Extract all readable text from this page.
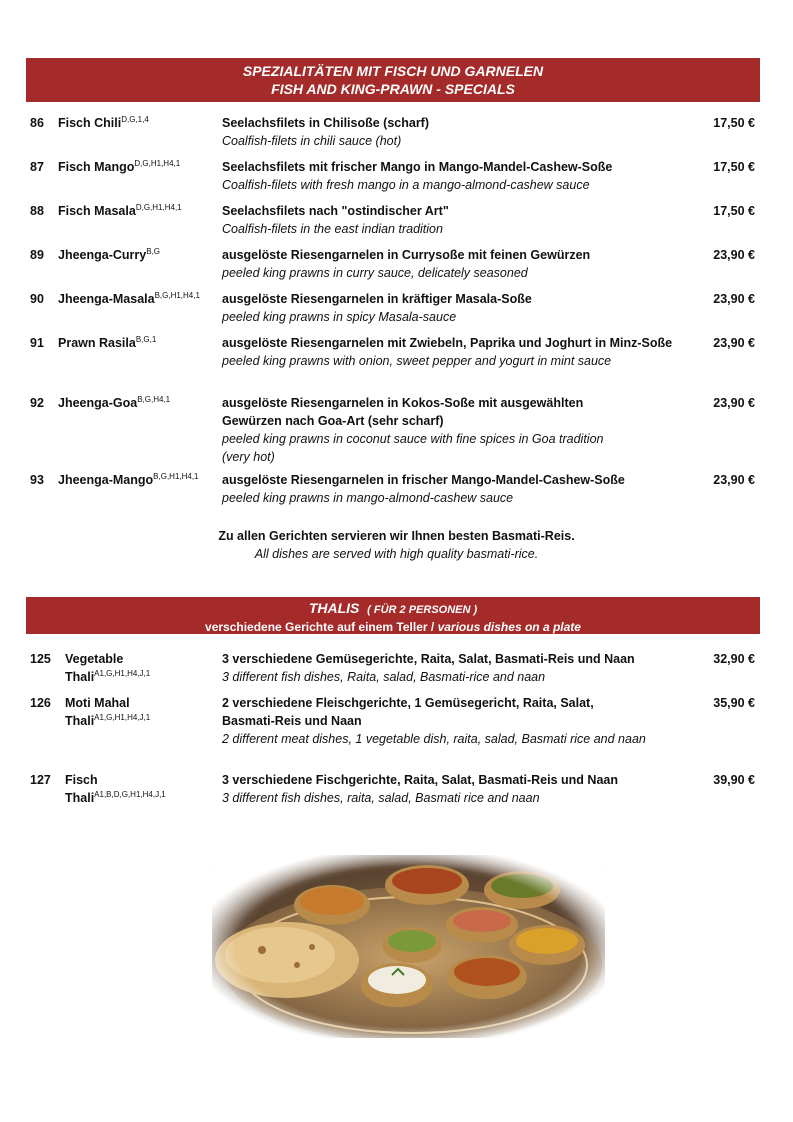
SPEZIALITÄTEN MIT FISCH UND GARNELEN
FISH AND KING-PRAWN - SPECIALS
86 Fisch Chili$^{D,G,1,4}$	Seelachsfilets in Chilisoße (scharf)
Coalfish-filets in chili sauce (hot)
17,50 €
87 Fisch Mango$^{D,G,H1,H4,1}$	Seelachsfilets mit frischer Mango in Mango-Mandel-Cashew-Soße
Coalfish-filets with fresh mango in a mango-almond-cashew sauce
17,50 €
88 Fisch Masala$^{D,G,H1,H4,1}$	Seelachsfilets nach "ostindischer Art"
Coalfish-filets in the east indian tradition
17,50 €
89 Jheenga-Curry$^{B,G}$	ausgelöste Riesengarnelen in Currysoße mit feinen Gewürzen
peeled king prawns in curry sauce, delicately seasoned
23,90 €
90 Jheenga-Masala$^{B,G,H1,H4,1}$ ausgelöste Riesengarnelen in kräftiger Masala-Soße
peeled king prawns in spicy Masala-sauce
23,90 €
91 Prawn Rasila$^{B,G,1}$	ausgelöste Riesengarnelen mit Zwiebeln, Paprika und Joghurt in Minz-Soße
peeled king prawns with onion, sweet pepper and yogurt in mint sauce
23,90 €
92 Jheenga-Goa$^{B,G,H4,1}$	ausgelöste Riesengarnelen in Kokos-Soße mit ausgewählten Gewürzen nach Goa-Art (sehr scharf)
peeled king prawns in coconut sauce with fine spices in Goa tradition (very hot)
23,90 €
93 Jheenga-Mango$^{B,G,H1,H4,1}$ ausgelöste Riesengarnelen in frischer Mango-Mandel-Cashew-Soße
peeled king prawns in mango-almond-cashew sauce
23,90 €
Zu allen Gerichten servieren wir Ihnen besten Basmati-Reis.
All dishes are served with high quality basmati-rice.
THALIS ( FÜR 2 PERSONEN )
verschiedene Gerichte auf einem Teller / various dishes on a plate
125 Vegetable
Thali$^{A1,G,H1,H4,J,1}$
3 verschiedene Gemüsegerichte, Raita, Salat, Basmati-Reis und Naan
3 different fish dishes, Raita, salad, Basmati-rice and naan
32,90 €
126 Moti Mahal
Thali$^{A1,G,H1,H4,J,1}$
2 verschiedene Fleischgerichte, 1 Gemüsegericht, Raita, Salat, Basmati-Reis und Naan
2 different meat dishes, 1 vegetable dish, raita, salad, Basmati rice and naan
35,90 €
127 Fisch
Thali$^{A1,B,D,G,H1,H4,J,1}$
3 verschiedene Fischgerichte, Raita, Salat, Basmati-Reis und Naan
3 different fish dishes, raita, salad, Basmati rice and naan
39,90 €
